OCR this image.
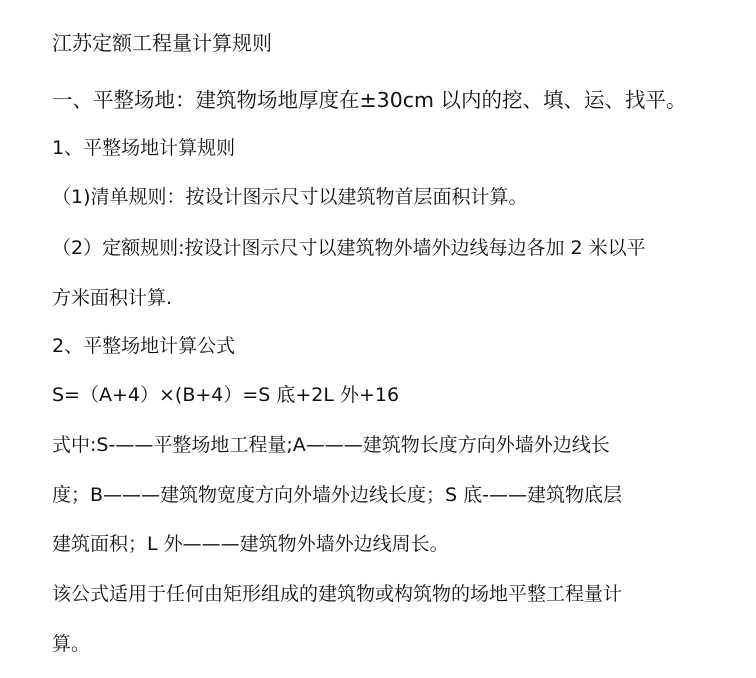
江苏定额工程量计算规则
一、平整场地：建筑物场地厚度在±30cm 以内的挖、填、运、找平。
1、平整场地计算规则
（1)清单规则：按设计图示尺寸以建筑物首层面积计算。
（2）定额规则:按设计图示尺寸以建筑物外墙外边线每边各加 2 米以平
方米面积计算.
2、平整场地计算公式
S=（A+4）×(B+4）=S 底+2L 外+16
式中:S-——平整场地工程量;A———建筑物长度方向外墙外边线长
度；B———建筑物宽度方向外墙外边线长度；S 底-——建筑物底层
建筑面积；L 外———建筑物外墙外边线周长。
该公式适用于任何由矩形组成的建筑物或构筑物的场地平整工程量计
算。
